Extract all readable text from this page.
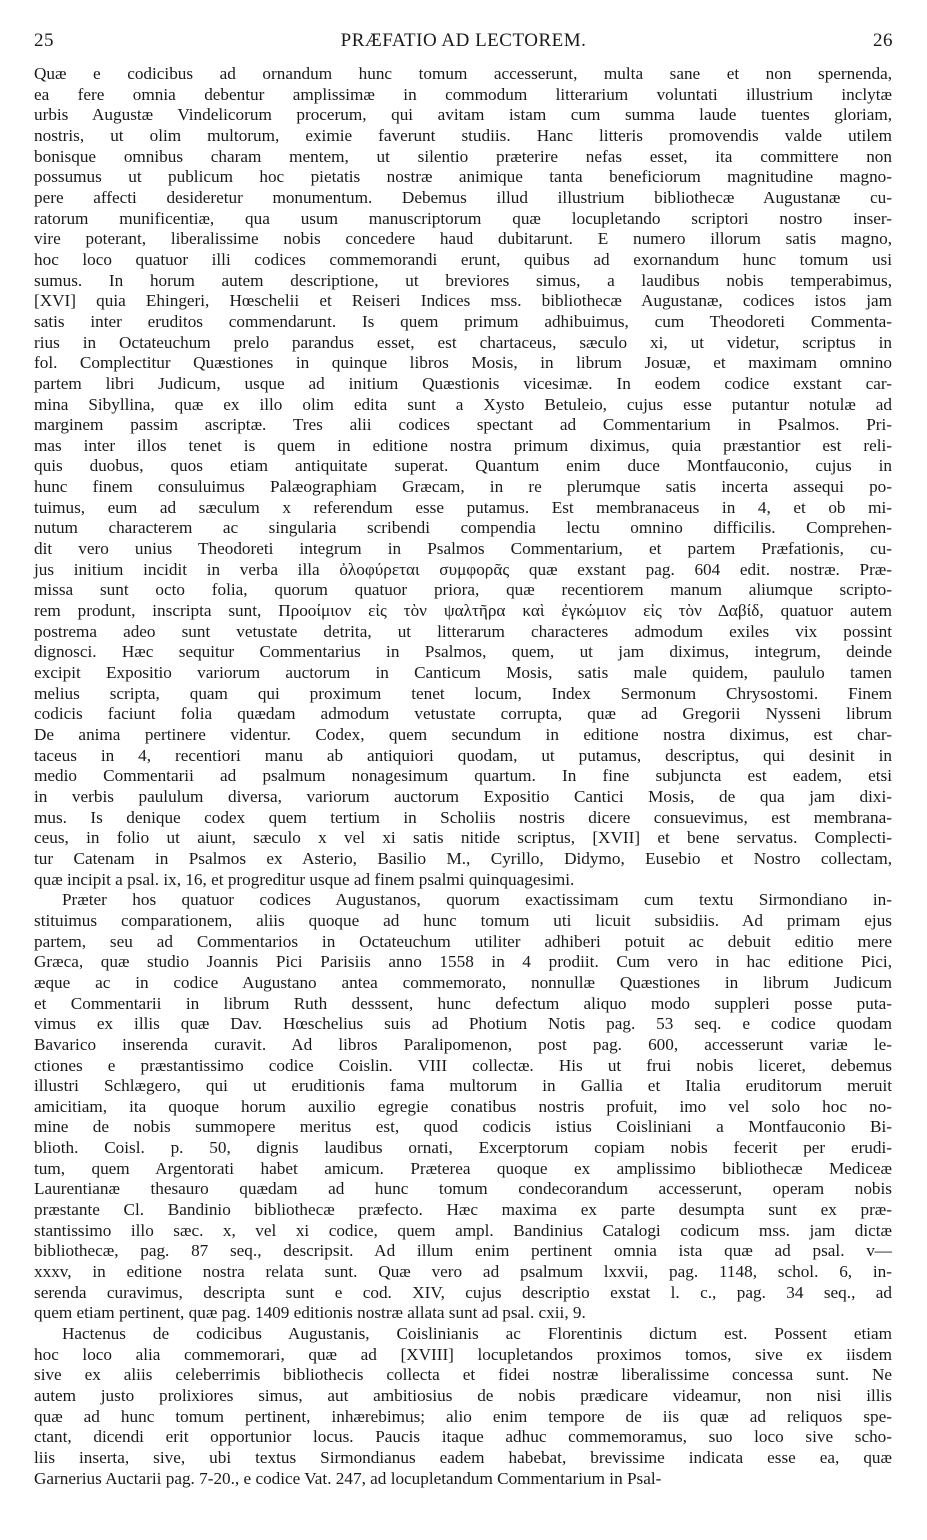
25	PRÆFATIO AD LECTOREM.	26
Quæ e codicibus ad ornandum hunc tomum accesserunt, multa sane et non spernenda,
ea fere omnia debentur amplissimæ in commodum litterarium voluntati illustrium inclytæ
urbis Augustæ Vindelicorum procerum, qui avitam istam cum summa laude tuentes gloriam,
nostris, ut olim multorum, eximie faverunt studiis. Hanc litteris promovendis valde utilem
bonisque omnibus charam mentem, ut silentio præterire nefas esset, ita committere non
possumus ut publicum hoc pietatis nostræ animique tanta beneficiorum magnitudine magno-
pere affecti desideretur monumentum. Debemus illud illustrium bibliothecæ Augustanæ cu-
ratorum munificentiæ, qua usum manuscriptorum quæ locupletando scriptori nostro inser-
vire poterant, liberalissime nobis concedere haud dubitarunt. E numero illorum satis magno,
hoc loco quatuor illi codices commemorandi erunt, quibus ad exornandum hunc tomum usi
sumus. In horum autem descriptione, ut breviores simus, a laudibus nobis temperabimus,
[XVI] quia Ehingeri, Hœschelii et Reiseri Indices mss. bibliothecæ Augustanæ, codices istos jam
satis inter eruditos commendarunt. Is quem primum adhibuimus, cum Theodoreti Commenta-
rius in Octateuchum prelo parandus esset, est chartaceus, sæculo xi, ut videtur, scriptus in
fol. Complectitur Quæstiones in quinque libros Mosis, in librum Josuæ, et maximam omnino
partem libri Judicum, usque ad initium Quæstionis vicesimæ. In eodem codice exstant car-
mina Sibyllina, quæ ex illo olim edita sunt a Xysto Betuleio, cujus esse putantur notulæ ad
marginem passim ascriptæ. Tres alii codices spectant ad Commentarium in Psalmos. Pri-
mas inter illos tenet is quem in editione nostra primum diximus, quia præstantior est reli-
quis duobus, quos etiam antiquitate superat. Quantum enim duce Montfauconio, cujus in
hunc finem consuluimus Palæographiam Græcam, in re plerumque satis incerta assequi po-
tuimus, eum ad sæculum x referendum esse putamus. Est membranaceus in 4, et ob mi-
nutum characterem ac singularia scribendi compendia lectu omnino difficilis. Comprehen-
dit vero unius Theodoreti integrum in Psalmos Commentarium, et partem Præfationis, cu-
jus initium incidit in verba illa ὀλοφύρεται συμφορᾶς quæ exstant pag. 604 edit. nostræ. Præ-
missa sunt octo folia, quorum quatuor priora, quæ recentiorem manum aliumque scripto-
rem produnt, inscripta sunt, Προοίμιον εἰς τὸν ψαλτῆρα καὶ ἐγκώμιον εἰς τὸν Δαβίδ, quatuor autem
postrema adeo sunt vetustate detrita, ut litterarum characteres admodum exiles vix possint
dignosci. Hæc sequitur Commentarius in Psalmos, quem, ut jam diximus, integrum, deinde
excipit Expositio variorum auctorum in Canticum Mosis, satis male quidem, paululo tamen
melius scripta, quam qui proximum tenet locum, Index Sermonum Chrysostomi. Finem
codicis faciunt folia quædam admodum vetustate corrupta, quæ ad Gregorii Nysseni librum
De anima pertinere videntur. Codex, quem secundum in editione nostra diximus, est char-
taceus in 4, recentiori manu ab antiquiori quodam, ut putamus, descriptus, qui desinit in
medio Commentarii ad psalmum nonagesimum quartum. In fine subjuncta est eadem, etsi
in verbis paululum diversa, variorum auctorum Expositio Cantici Mosis, de qua jam dixi-
mus. Is denique codex quem tertium in Scholiis nostris dicere consuevimus, est membrana-
ceus, in folio ut aiunt, sæculo x vel xi satis nitide scriptus, [XVII] et bene servatus. Complecti-
tur Catenam in Psalmos ex Asterio, Basilio M., Cyrillo, Didymo, Eusebio et Nostro collectam,
quæ incipit a psal. ix, 16, et progreditur usque ad finem psalmi quinquagesimi.
Præter hos quatuor codices Augustanos, quorum exactissimam cum textu Sirmondiano in-
stituimus comparationem, aliis quoque ad hunc tomum uti licuit subsidiis. Ad primam ejus
partem, seu ad Commentarios in Octateuchum utiliter adhiberi potuit ac debuit editio mere
Græca, quæ studio Joannis Pici Parisiis anno 1558 in 4 prodiit. Cum vero in hac editione Pici,
æque ac in codice Augustano antea commemorato, nonnullæ Quæstiones in librum Judicum
et Commentarii in librum Ruth desssent, hunc defectum aliquo modo suppleri posse puta-
vimus ex illis quæ Dav. Hœschelius suis ad Photium Notis pag. 53 seq. e codice quodam
Bavarico inserenda curavit. Ad libros Paralipomenon, post pag. 600, accesserunt variæ le-
ctiones e præstantissimo codice Coislin. VIII collectæ. His ut frui nobis liceret, debemus
illustri Schlægero, qui ut eruditionis fama multorum in Gallia et Italia eruditorum meruit
amicitiam, ita quoque horum auxilio egregie conatibus nostris profuit, imo vel solo hoc no-
mine de nobis summopere meritus est, quod codicis istius Coisliniani a Montfauconio Bi-
blioth. Coisl. p. 50, dignis laudibus ornati, Excerptorum copiam nobis fecerit per erudi-
tum, quem Argentorati habet amicum. Præterea quoque ex amplissimo bibliothecæ Mediceæ
Laurentianæ thesauro quædam ad hunc tomum condecorandum accesserunt, operam nobis
præstante Cl. Bandinio bibliothecæ præfecto. Hæc maxima ex parte desumpta sunt ex præ-
stantissimo illo sæc. x, vel xi codice, quem ampl. Bandinius Catalogi codicum mss. jam dictæ
bibliothecæ, pag. 87 seq., descripsit. Ad illum enim pertinent omnia ista quæ ad psal. v—
xxxv, in editione nostra relata sunt. Quæ vero ad psalmum lxxvii, pag. 1148, schol. 6, in-
serenda curavimus, descripta sunt e cod. XIV, cujus descriptio exstat l. c., pag. 34 seq., ad
quem etiam pertinent, quæ pag. 1409 editionis nostræ allata sunt ad psal. cxii, 9.
Hactenus de codicibus Augustanis, Coislinianis ac Florentinis dictum est. Possent etiam
hoc loco alia commemorari, quæ ad [XVIII] locupletandos proximos tomos, sive ex iisdem
sive ex aliis celeberrimis bibliothecis collecta et fidei nostræ liberalissime concessa sunt. Ne
autem justo prolixiores simus, aut ambitiosius de nobis prædicare videamur, non nisi illis
quæ ad hunc tomum pertinent, inhærebimus; alio enim tempore de iis quæ ad reliquos spe-
ctant, dicendi erit opportunior locus. Paucis itaque adhuc commemoramus, suo loco sive scho-
liis inserta, sive, ubi textus Sirmondianus eadem habebat, brevissime indicata esse ea, quæ
Garnerius Auctarii pag. 7-20., e codice Vat. 247, ad locupletandum Commentarium in Psal-
